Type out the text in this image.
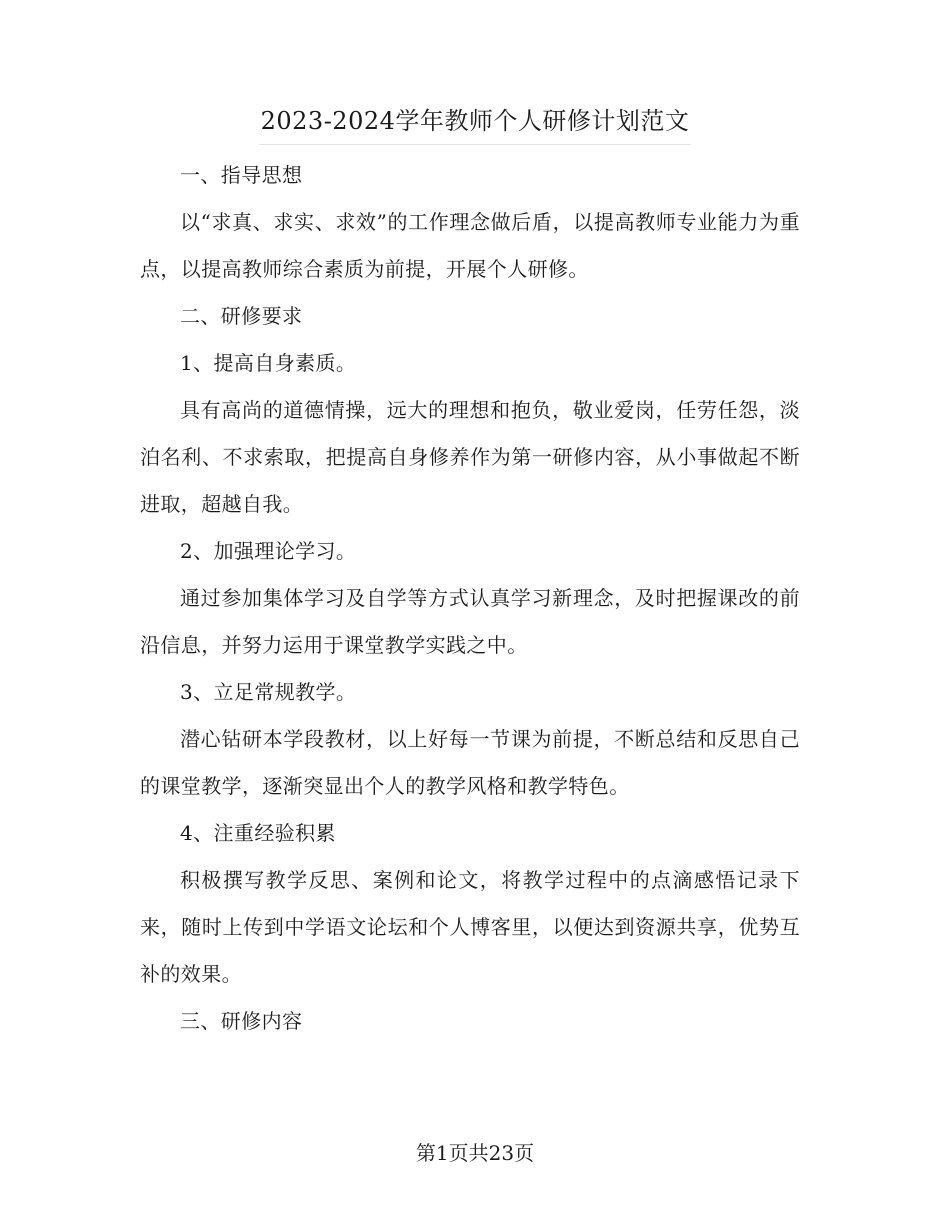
2023-2024学年教师个人研修计划范文

一、指导思想

以“求真、求实、求效”的工作理念做后盾，以提高教师专业能力为重点，以提高教师综合素质为前提，开展个人研修。

二、研修要求

1、提高自身素质。

具有高尚的道德情操，远大的理想和抱负，敬业爱岗，任劳任怨，淡泊名利、不求索取，把提高自身修养作为第一研修内容，从小事做起不断进取，超越自我。

2、加强理论学习。

通过参加集体学习及自学等方式认真学习新理念，及时把握课改的前沿信息，并努力运用于课堂教学实践之中。

3、立足常规教学。

潜心钻研本学段教材，以上好每一节课为前提，不断总结和反思自己的课堂教学，逐渐突显出个人的教学风格和教学特色。

4、注重经验积累

积极撰写教学反思、案例和论文，将教学过程中的点滴感悟记录下来，随时上传到中学语文论坛和个人博客里，以便达到资源共享，优势互补的效果。

三、研修内容

第1页共23页
